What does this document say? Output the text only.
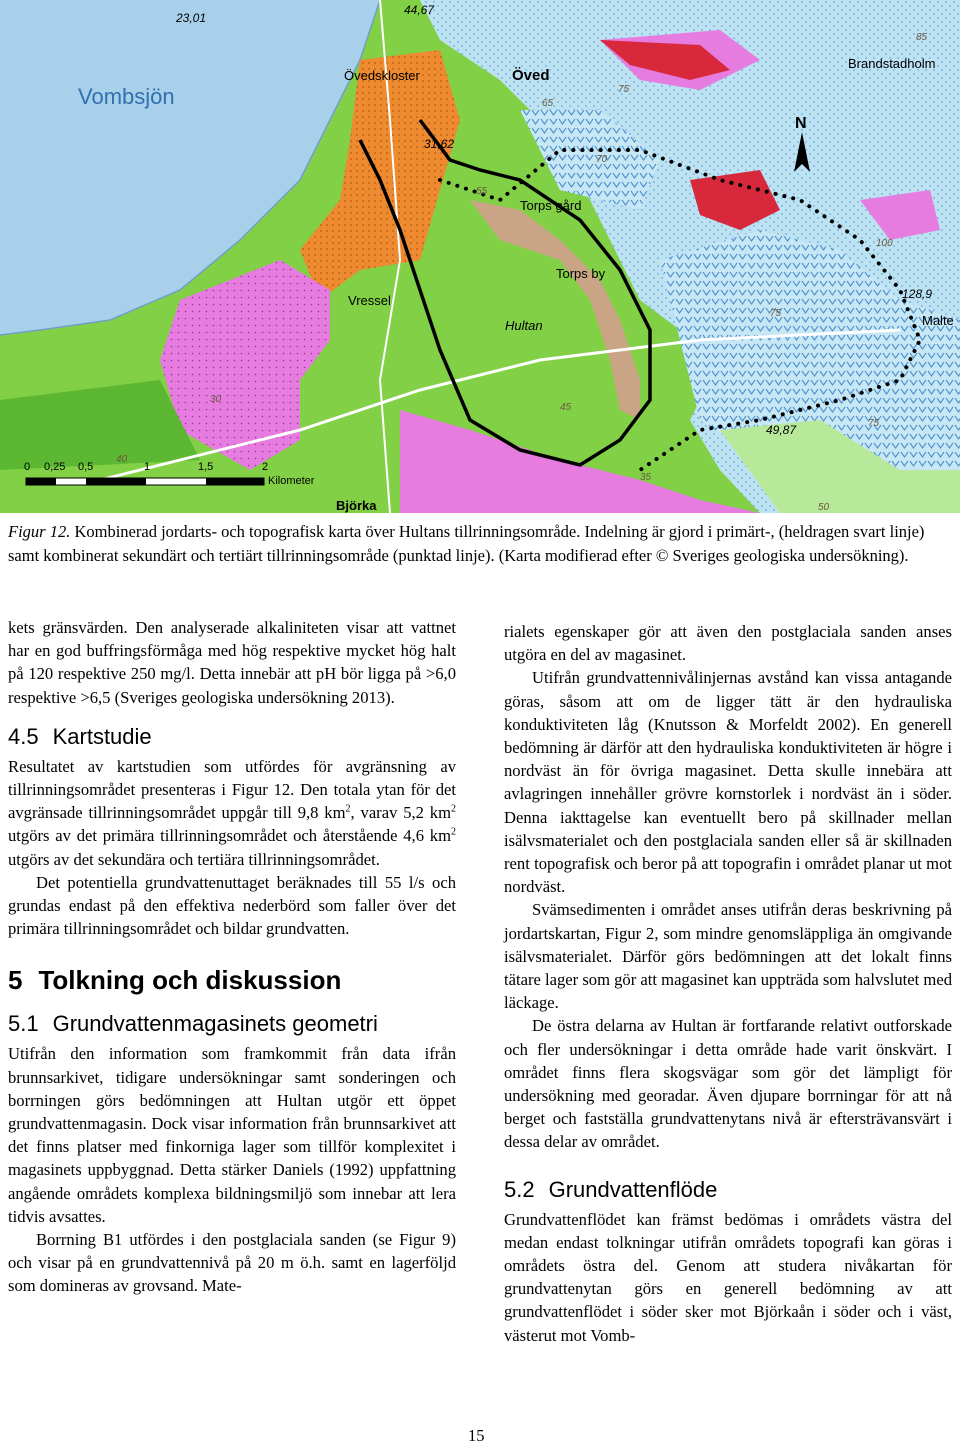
N
Vombsjön
Övedskloster	Öved
Brandstadholm
Torps gård
Torps by
Vressel
Hultan	Malte
Björka
23,01
44,67
31,62
128,9
49,87
85
75
65
70
55
100
75
45
75
40
50
30
35
0 0,25 0,5	1	1,5	2
Kilometer
Figur 12. Kombinerad jordarts- och topografisk karta över Hultans tillrinningsområde. Indelning är gjord i primärt-, (heldragen svart linje) samt kombinerat sekundärt och tertiärt tillrinningsområde (punktad linje). (Karta modifierad efter © Sveriges geologiska undersökning).

kets gränsvärden. Den analyserade alkaliniteten visar att vattnet har en god buffringsförmåga med hög respektive mycket hög halt på 120 respektive 250 mg/l. Detta innebär att pH bör ligga på >6,0 respektive >6,5 (Sveriges geologiska undersökning 2013).

4.5 Kartstudie

Resultatet av kartstudien som utfördes för avgränsning av tillrinningsområdet presenteras i Figur 12. Den totala ytan för det avgränsade tillrinningsområdet uppgår till 9,8 $km^2$, varav 5,2 $km^2$ utgörs av det primära tillrinningsområdet och återstående 4,6 $km^2$ utgörs av det sekundära och tertiära tillrinningsområdet.

Det potentiella grundvattenuttaget beräknades till 55 l/s och grundas endast på den effektiva nederbörd som faller över det primära tillrinningsområdet och bildar grundvatten.

5 Tolkning och diskussion
5.1 Grundvattenmagasinets geometri

Utifrån den information som framkommit från data ifrån brunnsarkivet, tidigare undersökningar samt sonderingen och borrningen görs bedömningen att Hultan utgör ett öppet grundvattenmagasin. Dock visar information från brunnsarkivet att det finns platser med finkorniga lager som tillför komplexitet i magasinets uppbyggnad. Detta stärker Daniels (1992) uppfattning angående områdets komplexa bildningsmiljö som innebar att lera tidvis avsattes.

Borrning B1 utfördes i den postglaciala sanden (se Figur 9) och visar på en grundvattennivå på 20 m ö.h. samt en lagerföljd som domineras av grovsand. Mate-

rialets egenskaper gör att även den postglaciala sanden anses utgöra en del av magasinet.

Utifrån grundvattennivålinjernas avstånd kan vissa antagande göras, såsom att om de ligger tätt är den hydrauliska konduktiviteten låg (Knutsson & Morfeldt 2002). En generell bedömning är därför att den hydrauliska konduktiviteten är högre i nordväst än för övriga magasinet. Detta skulle innebära att avlagringen innehåller grövre kornstorlek i nordväst än i söder. Denna iakttagelse kan eventuellt bero på skillnader mellan isälvsmaterialet och den postglaciala sanden eller så är skillnaden rent topografisk och beror på att topografin i området planar ut mot nordväst.

Svämsedimenten i området anses utifrån deras beskrivning på jordartskartan, Figur 2, som mindre genomsläppliga än omgivande isälvsmaterialet. Därför görs bedömningen att det lokalt finns tätare lager som gör att magasinet kan uppträda som halvslutet med läckage.

De östra delarna av Hultan är fortfarande relativt outforskade och fler undersökningar i detta område hade varit önskvärt. I området finns flera skogsvägar som gör det lämpligt för undersökning med georadar. Även djupare borrningar för att nå berget och fastställa grundvattenytans nivå är eftersträvansvärt i dessa delar av området.

5.2 Grundvattenflöde

Grundvattenflödet kan främst bedömas i områdets västra del medan endast tolkningar utifrån områdets topografi kan göras i områdets östra del. Genom att studera nivåkartan för grundvattenytan görs en generell bedömning av att grundvattenflödet i söder sker mot Björkaån i söder och i väst, västerut mot Vomb-

15
